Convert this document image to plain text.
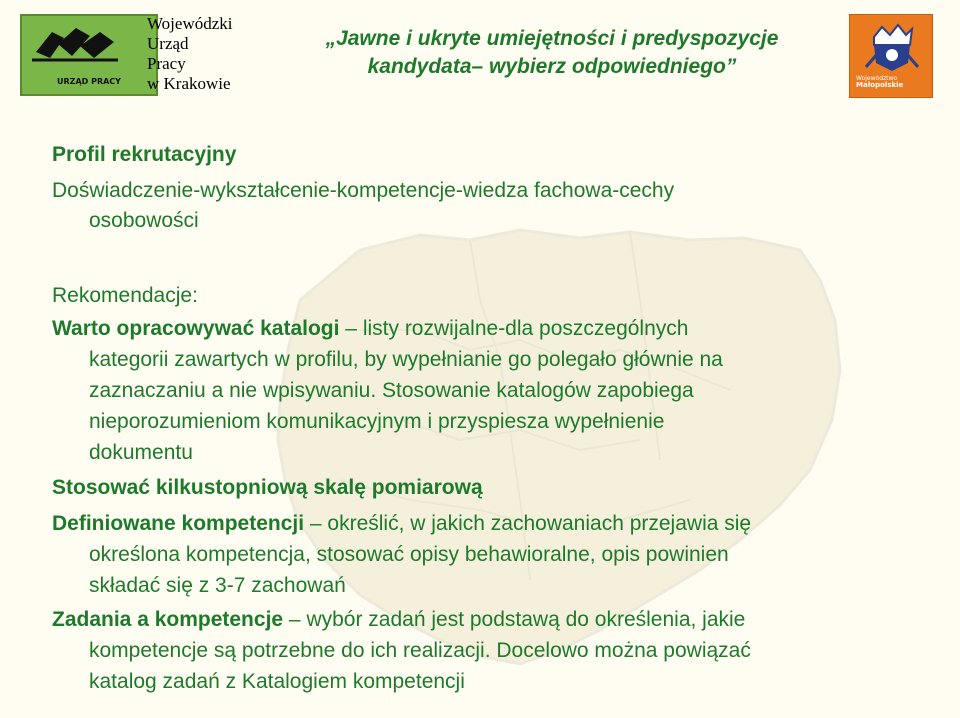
URZĄD PRACY
Wojewódzki
Urząd
Pracy
w Krakowie
„Jawne i ukryte umiejętności i predyspozycje
kandydata– wybierz odpowiedniego”
Województwo
Małopolskie
Profil rekrutacyjny
Doświadczenie-wykształcenie-kompetencje-wiedza fachowa-cechy
osobowości
Rekomendacje:
Warto opracowywać katalogi – listy rozwijalne-dla poszczególnych
kategorii zawartych w profilu, by wypełnianie go polegało głównie na
zaznaczaniu a nie wpisywaniu. Stosowanie katalogów zapobiega
nieporozumieniom komunikacyjnym i przyspiesza wypełnienie
dokumentu
Stosować kilkustopniową skalę pomiarową
Definiowane kompetencji – określić, w jakich zachowaniach przejawia się
określona kompetencja, stosować opisy behawioralne, opis powinien
składać się z 3-7 zachowań
Zadania a kompetencje – wybór zadań jest podstawą do określenia, jakie
kompetencje są potrzebne do ich realizacji. Docelowo można powiązać
katalog zadań z Katalogiem kompetencji
